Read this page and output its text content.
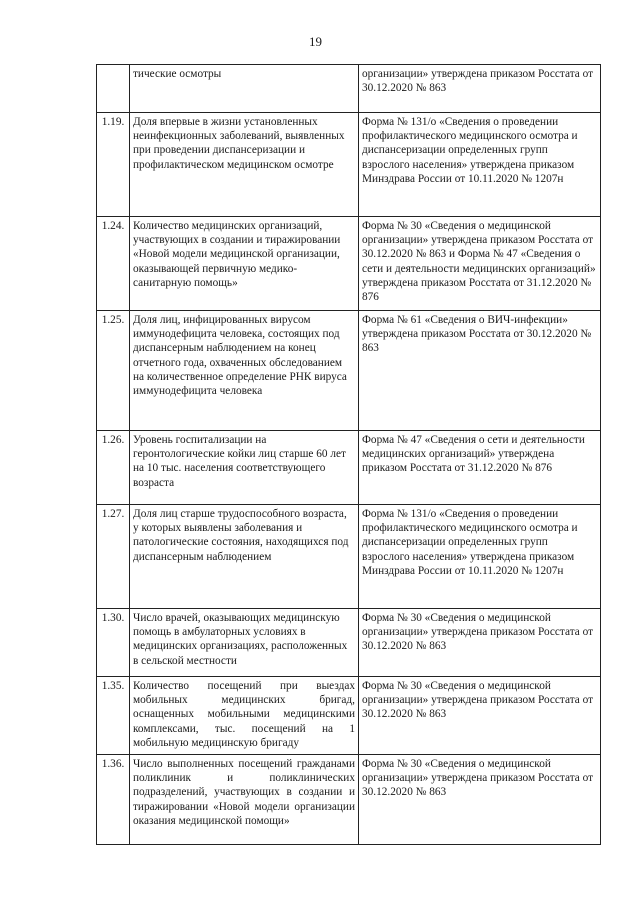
19
	тические осмотры	организации» утверждена приказом Росстата от 30.12.2020 № 863
1.19.	Доля впервые в жизни установленных неинфекционных заболеваний, выявленных при проведении диспансеризации и профилактическом медицинском осмотре	Форма № 131/о «Сведения о проведении профилактического медицинского осмотра и диспансеризации определенных групп взрослого населения» утверждена приказом Минздрава России от 10.11.2020 № 1207н
1.24.	Количество медицинских организаций, участвующих в создании и тиражировании «Новой модели медицинской организации, оказывающей первичную медико-санитарную помощь»	Форма № 30 «Сведения о медицинской организации» утверждена приказом Росстата от 30.12.2020 № 863 и Форма № 47 «Сведения о сети и деятельности медицинских организаций» утверждена приказом Росстата от 31.12.2020 № 876
1.25.	Доля лиц, инфицированных вирусом иммунодефицита человека, состоящих под диспансерным наблюдением на конец отчетного года, охваченных обследованием на количественное определение РНК вируса иммунодефицита человека	Форма № 61 «Сведения о ВИЧ-инфекции» утверждена приказом Росстата от 30.12.2020 № 863
1.26.	Уровень госпитализации на геронтологические койки лиц старше 60 лет на 10 тыс. населения соответствующего возраста	Форма № 47 «Сведения о сети и деятельности медицинских организаций» утверждена приказом Росстата от 31.12.2020 № 876
1.27.	Доля лиц старше трудоспособного возраста, у которых выявлены заболевания и патологические состояния, находящихся под диспансерным наблюдением	Форма № 131/о «Сведения о проведении профилактического медицинского осмотра и диспансеризации определенных групп взрослого населения» утверждена приказом Минздрава России от 10.11.2020 № 1207н
1.30.	Число врачей, оказывающих медицинскую помощь в амбулаторных условиях в медицинских организациях, расположенных в сельской местности	Форма № 30 «Сведения о медицинской организации» утверждена приказом Росстата от 30.12.2020 № 863
1.35.	Количество посещений при выездах мобильных медицинских бригад, оснащенных мобильными медицинскими комплексами, тыс. посещений на 1 мобильную медицинскую бригаду	Форма № 30 «Сведения о медицинской организации» утверждена приказом Росстата от 30.12.2020 № 863
1.36.	Число выполненных посещений гражданами поликлиник и поликлинических подразделений, участвующих в создании и тиражировании «Новой модели организации оказания медицинской помощи»	Форма № 30 «Сведения о медицинской организации» утверждена приказом Росстата от 30.12.2020 № 863
